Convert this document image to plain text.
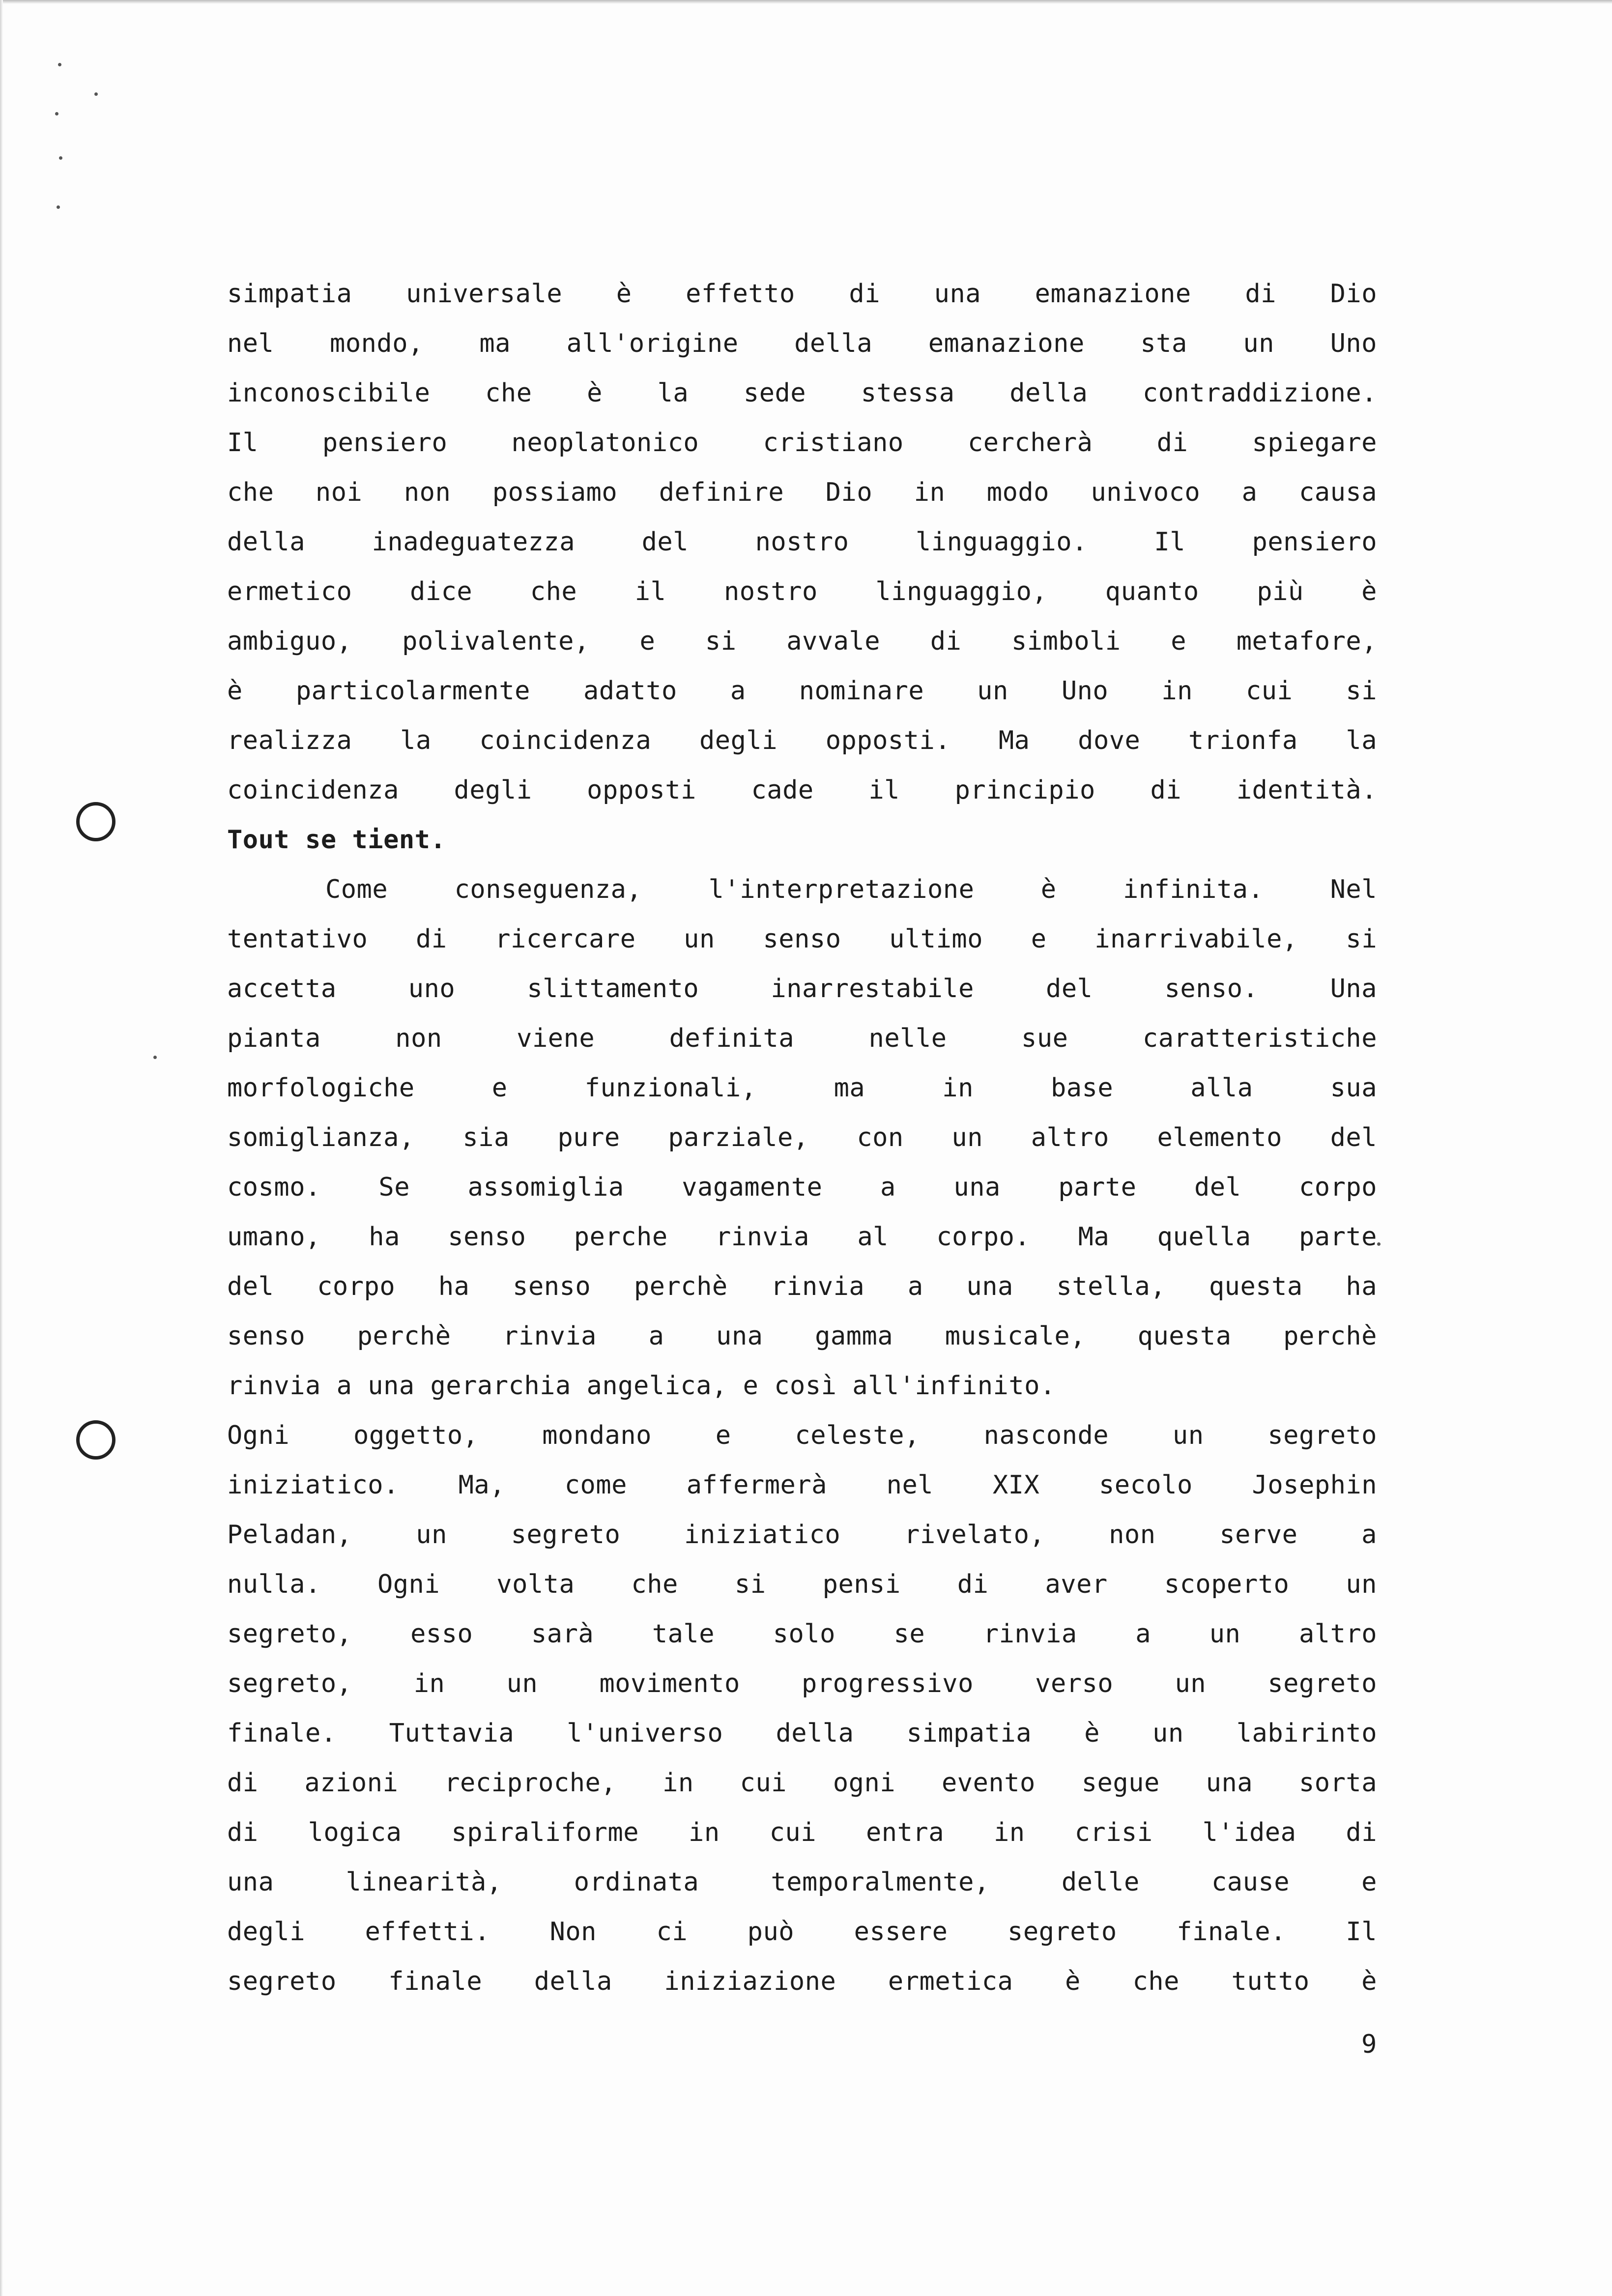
simpatia universale è effetto di una emanazione di Dio
nel mondo, ma all'origine della emanazione sta un Uno
inconoscibile che è la sede stessa della contraddizione.
Il pensiero neoplatonico cristiano cercherà di spiegare
che noi non possiamo definire Dio in modo univoco a causa
della inadeguatezza del nostro linguaggio. Il pensiero
ermetico dice che il nostro linguaggio, quanto più è
ambiguo, polivalente, e si avvale di simboli e metafore,
è particolarmente adatto a nominare un Uno in cui si
realizza la coincidenza degli opposti. Ma dove trionfa la
coincidenza degli opposti cade il principio di identità.
Tout se tient.
Come conseguenza, l'interpretazione è infinita. Nel
tentativo di ricercare un senso ultimo e inarrivabile, si
accetta uno slittamento inarrestabile del senso. Una
pianta non viene definita nelle sue caratteristiche
morfologiche e funzionali, ma in base alla sua
somiglianza, sia pure parziale, con un altro elemento del
cosmo. Se assomiglia vagamente a una parte del corpo
umano, ha senso perche rinvia al corpo. Ma quella parte
del corpo ha senso perchè rinvia a una stella, questa ha
senso perchè rinvia a una gamma musicale, questa perchè
rinvia a una gerarchia angelica, e così all'infinito.
Ogni oggetto, mondano e celeste, nasconde un segreto
iniziatico. Ma, come affermerà nel XIX secolo Josephin
Peladan, un segreto iniziatico rivelato, non serve a
nulla. Ogni volta che si pensi di aver scoperto un
segreto, esso sarà tale solo se rinvia a un altro
segreto, in un movimento progressivo verso un segreto
finale. Tuttavia l'universo della simpatia è un labirinto
di azioni reciproche, in cui ogni evento segue una sorta
di logica spiraliforme in cui entra in crisi l'idea di
una linearità, ordinata temporalmente, delle cause e
degli effetti. Non ci può essere segreto finale. Il
segreto finale della iniziazione ermetica è che tutto è
9
